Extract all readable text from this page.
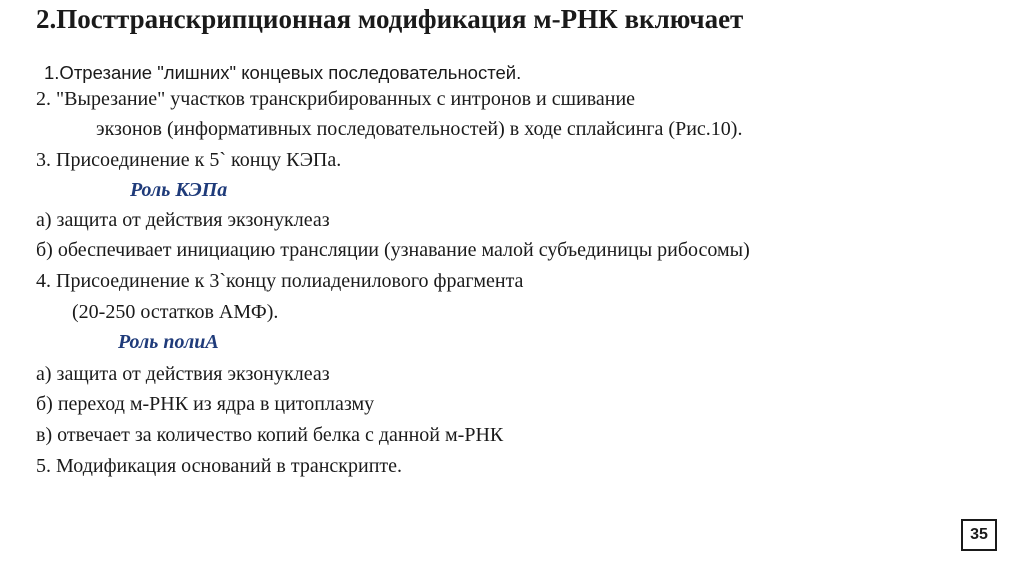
2.Посттранскрипционная модификация м-РНК включает
1.Отрезание "лишних" концевых последовательностей.
2. "Вырезание" участков транскрибированных с интронов и сшивание
экзонов (информативных последовательностей) в ходе сплайсинга (Рис.10).
3. Присоединение к 5` концу КЭПа.
Роль КЭПа
а) защита от действия экзонуклеаз
б) обеспечивает инициацию трансляции (узнавание малой субъединицы рибосомы)
4. Присоединение к 3`концу полиаденилового фрагмента
(20-250 остатков АМФ).
Роль полиА
а) защита от действия экзонуклеаз
б) переход м-РНК из ядра в цитоплазму
в) отвечает за количество копий белка с данной м-РНК
5. Модификация оснований в транскрипте.
35
